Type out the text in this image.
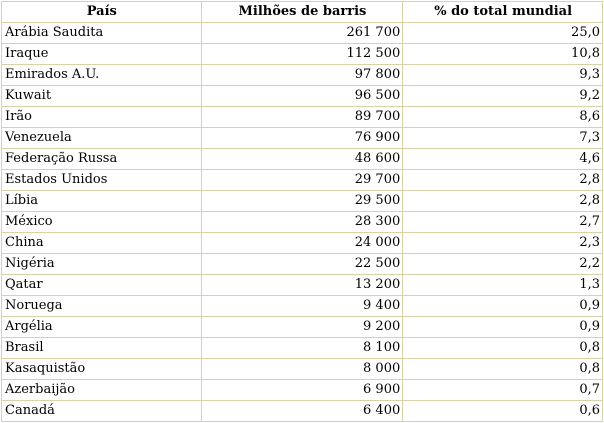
País	Milhões de barris	% do total mundial
Arábia Saudita	261 700	25,0
Iraque	112 500	10,8
Emirados A.U.	97 800	9,3
Kuwait	96 500	9,2
Irão	89 700	8,6
Venezuela	76 900	7,3
Federação Russa	48 600	4,6
Estados Unidos	29 700	2,8
Líbia	29 500	2,8
México	28 300	2,7
China	24 000	2,3
Nigéria	22 500	2,2
Qatar	13 200	1,3
Noruega	9 400	0,9
Argélia	9 200	0,9
Brasil	8 100	0,8
Kasaquistão	8 000	0,8
Azerbaijão	6 900	0,7
Canadá	6 400	0,6
